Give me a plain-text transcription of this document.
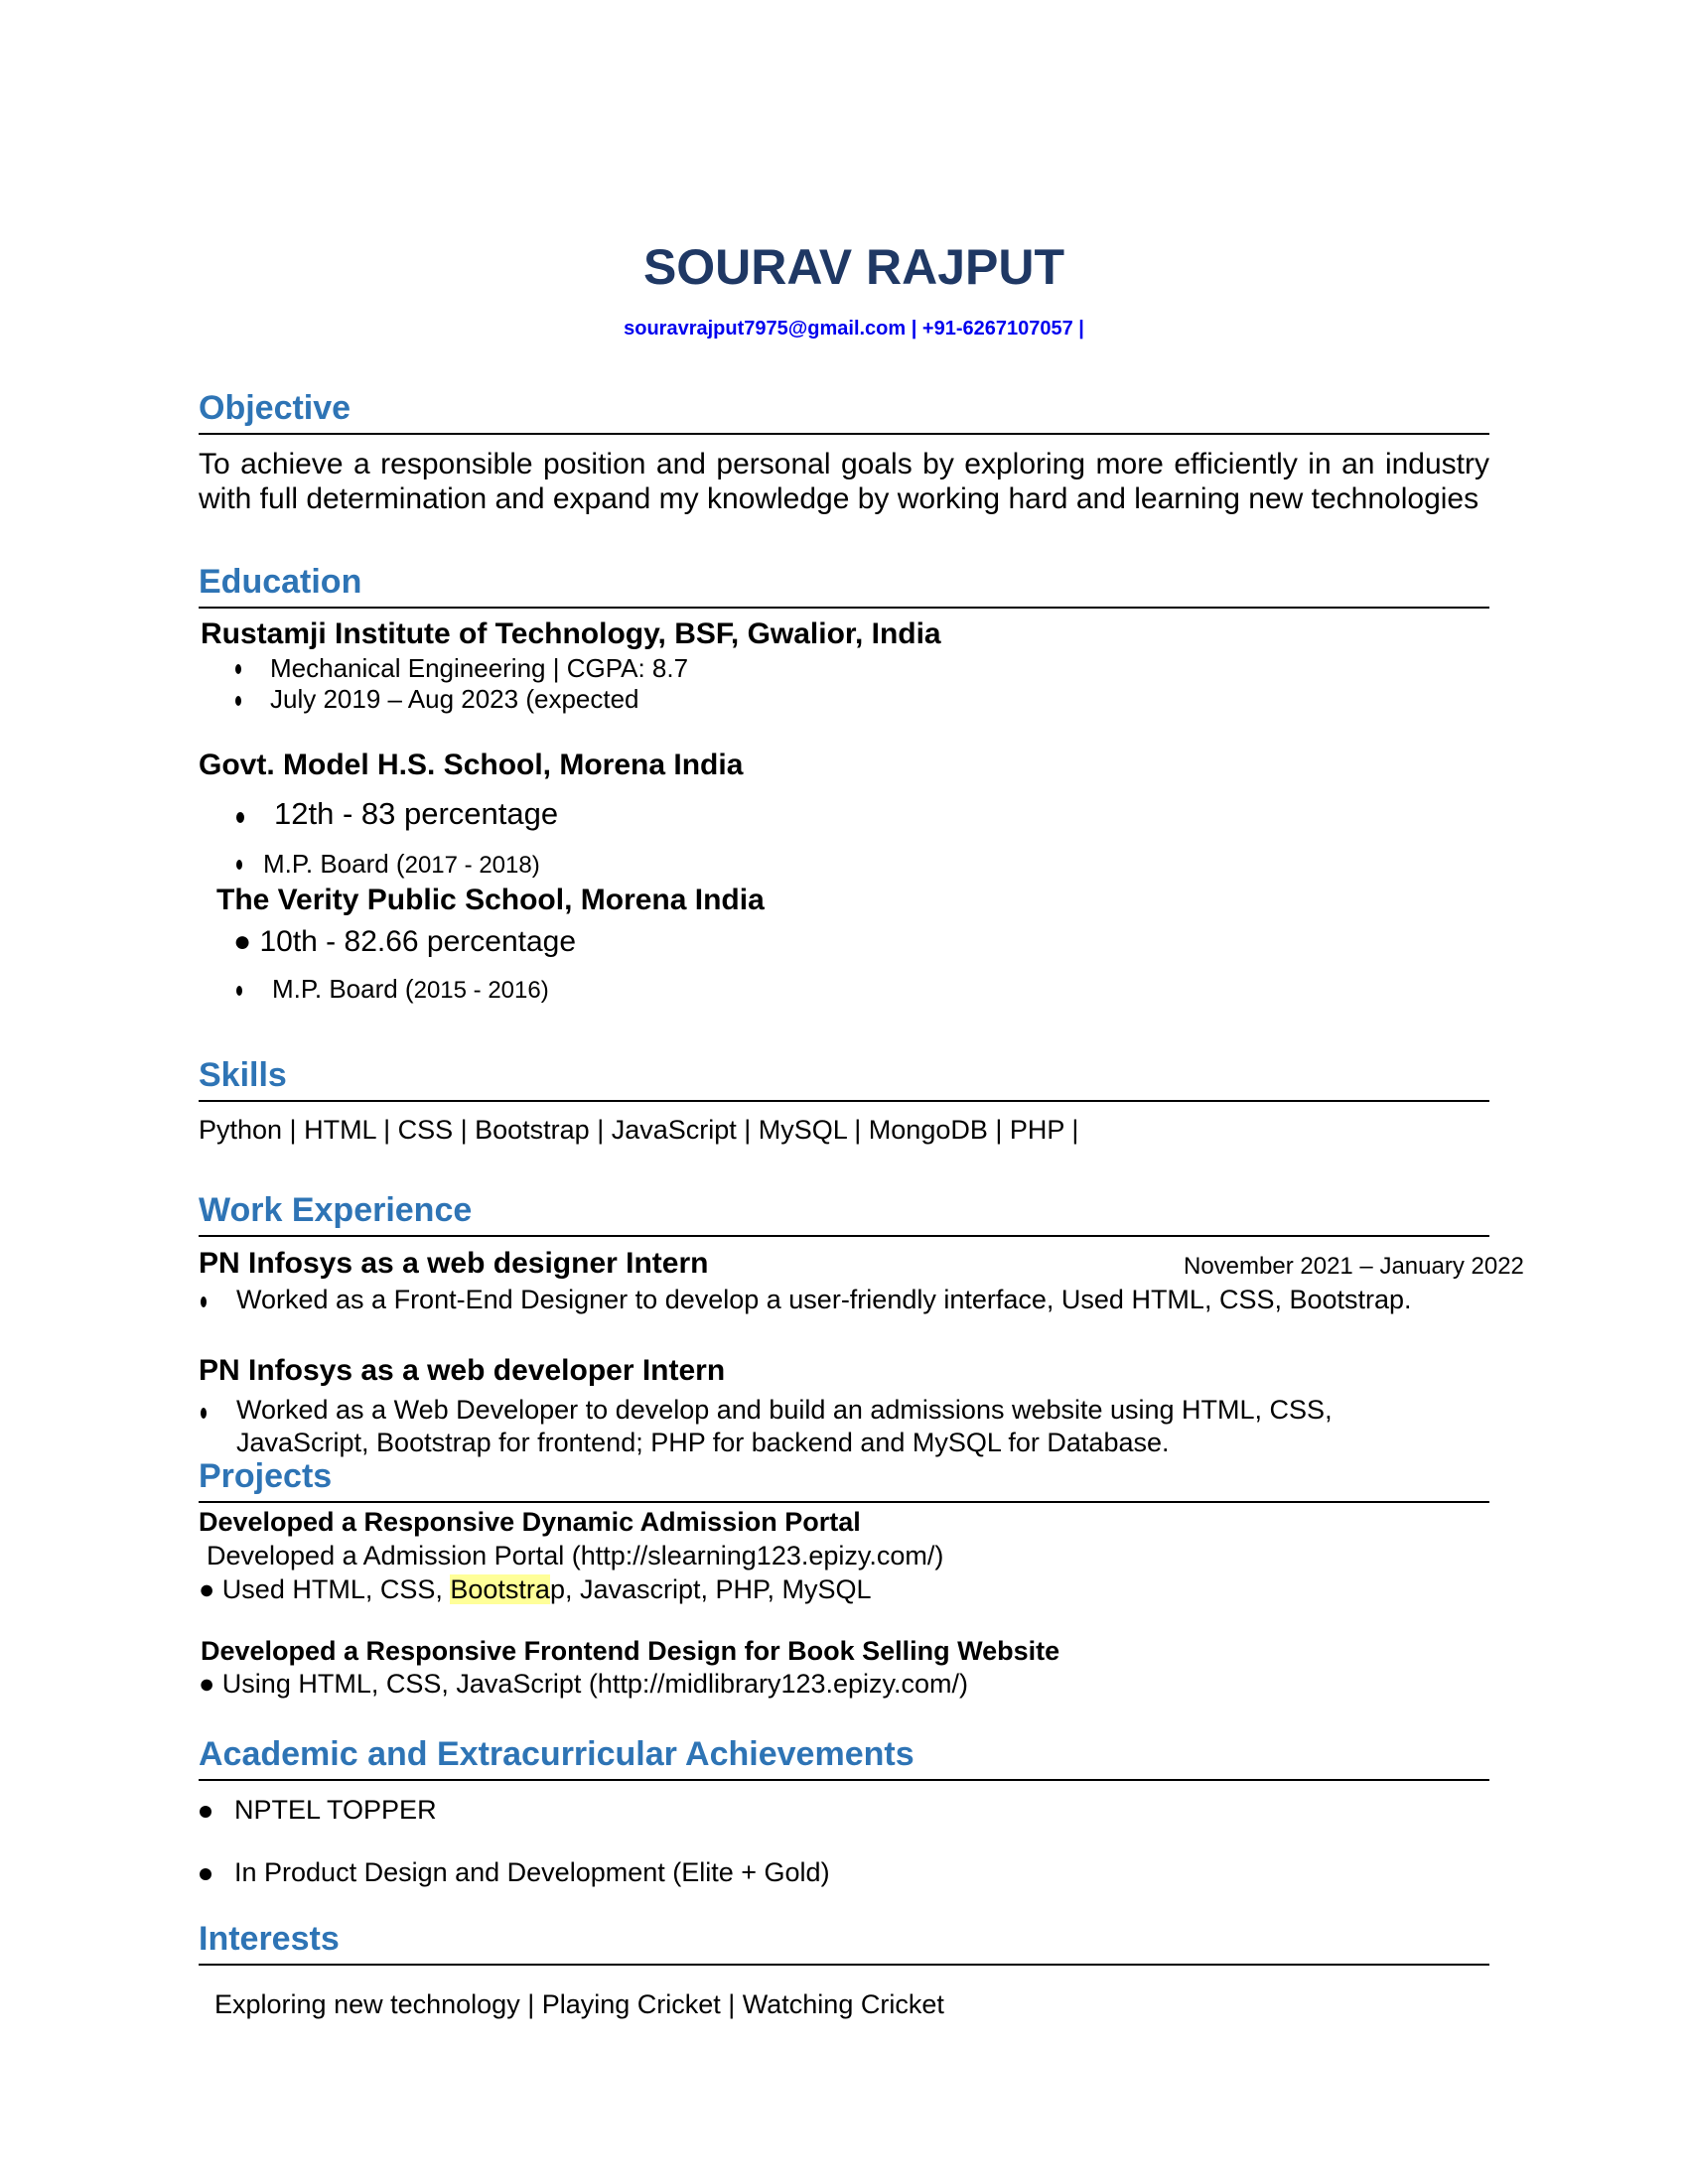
SOURAV RAJPUT
souravrajput7975@gmail.com | +91-6267107057 |
Objective
To achieve a responsible position and personal goals by exploring more efficiently in an industry with full determination and expand my knowledge by working hard and learning new technologies
Education
Rustamji Institute of Technology, BSF, Gwalior, India
Mechanical Engineering | CGPA: 8.7
July 2019 – Aug 2023 (expected
Govt. Model H.S. School, Morena India
12th - 83 percentage
M.P. Board (2017 - 2018)
The Verity Public School, Morena India
● 10th - 82.66 percentage
M.P. Board (2015 - 2016)
Skills
Python | HTML | CSS | Bootstrap | JavaScript | MySQL | MongoDB | PHP |
Work Experience
PN Infosys as a web designer Intern	November 2021 – January 2022
Worked as a Front-End Designer to develop a user-friendly interface, Used HTML, CSS, Bootstrap.
PN Infosys as a web developer Intern
Worked as a Web Developer to develop and build an admissions website using HTML, CSS,
JavaScript, Bootstrap for frontend; PHP for backend and MySQL for Database.
Projects
Developed a Responsive Dynamic Admission Portal
Developed a Admission Portal (http://slearning123.epizy.com/)
● Used HTML, CSS, Bootstrap, Javascript, PHP, MySQL
Developed a Responsive Frontend Design for Book Selling Website
● Using HTML, CSS, JavaScript (http://midlibrary123.epizy.com/)
Academic and Extracurricular Achievements
NPTEL TOPPER
In Product Design and Development (Elite + Gold)
Interests
Exploring new technology | Playing Cricket | Watching Cricket
